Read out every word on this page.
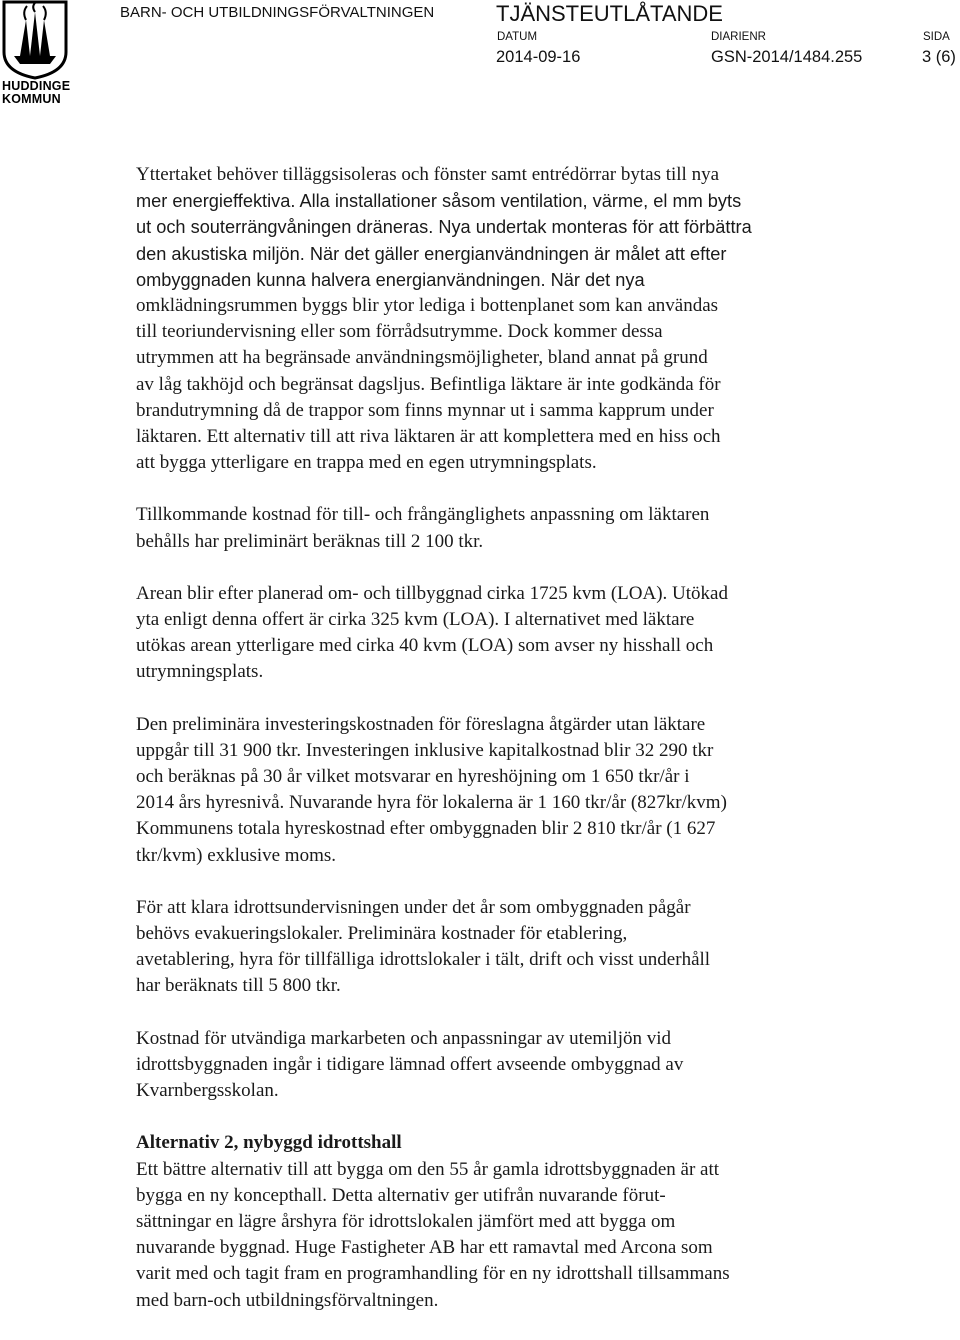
HUDDINGE
KOMMUN
BARN- OCH UTBILDNINGSFÖRVALTNINGEN	TJÄNSTEUTLÅTANDE
DATUM
2014-09-16
DIARIENR
GSN-2014/1484.255
SIDA
3 (6)

Yttertaket behöver tilläggsisoleras och fönster samt entrédörrar bytas till nya
mer energieffektiva. Alla installationer såsom ventilation, värme, el mm byts
ut och souterrängvåningen dräneras. Nya undertak monteras för att förbättra
den akustiska miljön. När det gäller energianvändningen är målet att efter
ombyggnaden kunna halvera energianvändningen. När det nya
omklädningsrummen byggs blir ytor lediga i bottenplanet som kan användas
till teoriundervisning eller som förrådsutrymme. Dock kommer dessa
utrymmen att ha begränsade användningsmöjligheter, bland annat på grund
av låg takhöjd och begränsat dagsljus. Befintliga läktare är inte godkända för
brandutrymning då de trappor som finns mynnar ut i samma kapprum under
läktaren. Ett alternativ till att riva läktaren är att komplettera med en hiss och
att bygga ytterligare en trappa med en egen utrymningsplats.

Tillkommande kostnad för till- och frångänglighets anpassning om läktaren
behålls har preliminärt beräknas till 2 100 tkr.

Arean blir efter planerad om- och tillbyggnad cirka 1725 kvm (LOA). Utökad
yta enligt denna offert är cirka 325 kvm (LOA). I alternativet med läktare
utökas arean ytterligare med cirka 40 kvm (LOA) som avser ny hisshall och
utrymningsplats.

Den preliminära investeringskostnaden för föreslagna åtgärder utan läktare
uppgår till 31 900 tkr. Investeringen inklusive kapitalkostnad blir 32 290 tkr
och beräknas på 30 år vilket motsvarar en hyreshöjning om 1 650 tkr/år i
2014 års hyresnivå. Nuvarande hyra för lokalerna är 1 160 tkr/år (827kr/kvm)
Kommunens totala hyreskostnad efter ombyggnaden blir 2 810 tkr/år (1 627
tkr/kvm) exklusive moms.

För att klara idrottsundervisningen under det år som ombyggnaden pågår
behövs evakueringslokaler. Preliminära kostnader för etablering,
avetablering, hyra för tillfälliga idrottslokaler i tält, drift och visst underhåll
har beräknats till 5 800 tkr.

Kostnad för utvändiga markarbeten och anpassningar av utemiljön vid
idrottsbyggnaden ingår i tidigare lämnad offert avseende ombyggnad av
Kvarnbergsskolan.

Alternativ 2, nybyggd idrottshall
Ett bättre alternativ till att bygga om den 55 år gamla idrottsbyggnaden är att
bygga en ny koncepthall. Detta alternativ ger utifrån nuvarande förut-
sättningar en lägre årshyra för idrottslokalen jämfört med att bygga om
nuvarande byggnad. Huge Fastigheter AB har ett ramavtal med Arcona som
varit med och tagit fram en programhandling för en ny idrottshall tillsammans
med barn-och utbildningsförvaltningen.
